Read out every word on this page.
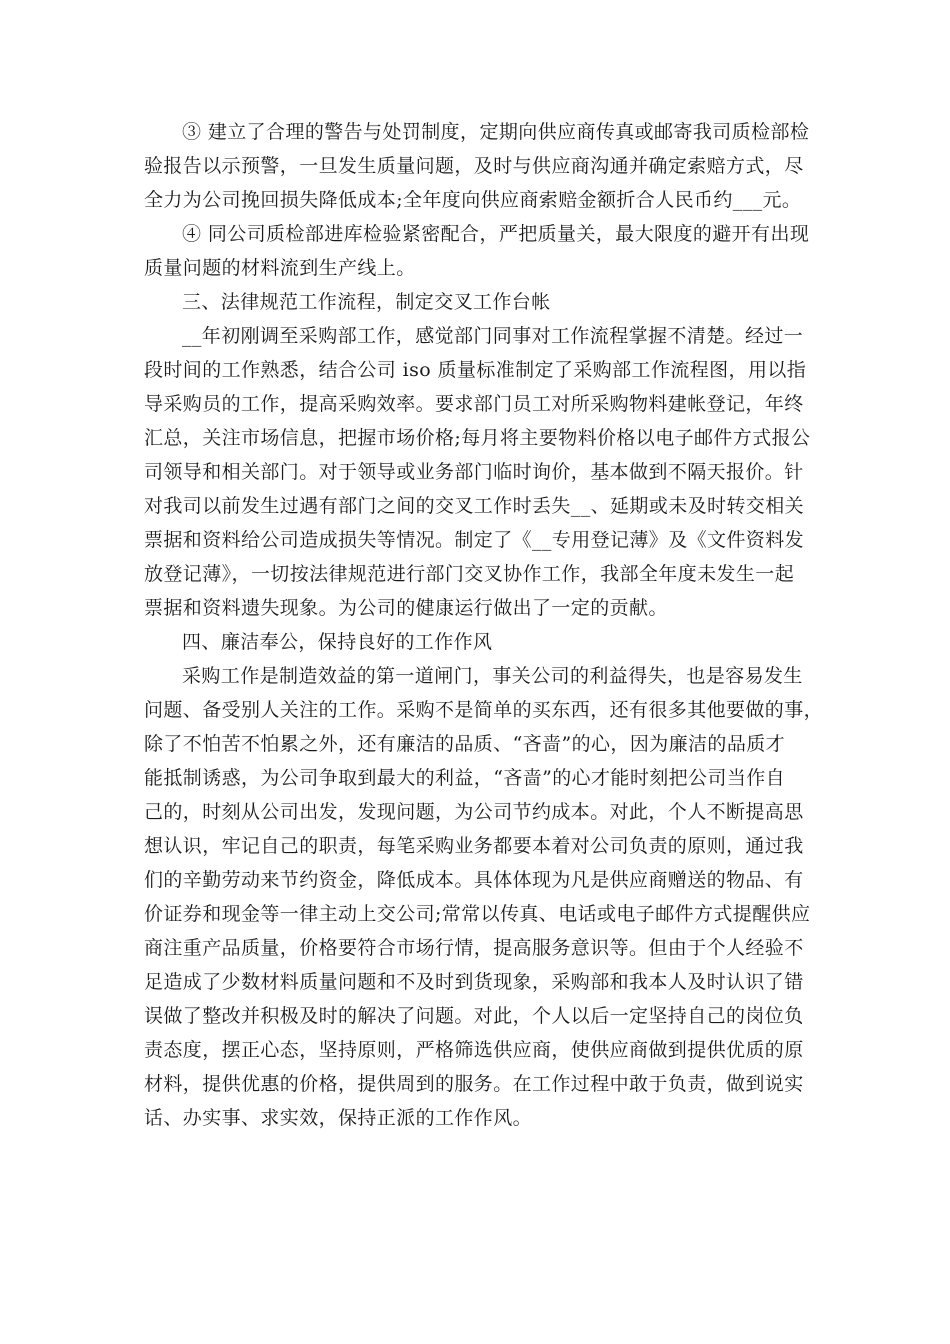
③ 建立了合理的警告与处罚制度，定期向供应商传真或邮寄我司质检部检
验报告以示预警，一旦发生质量问题，及时与供应商沟通并确定索赔方式，尽
全力为公司挽回损失降低成本;全年度向供应商索赔金额折合人民币约___元。
④ 同公司质检部进库检验紧密配合，严把质量关，最大限度的避开有出现
质量问题的材料流到生产线上。
三、法律规范工作流程，制定交叉工作台帐
__年初刚调至采购部工作，感觉部门同事对工作流程掌握不清楚。经过一
段时间的工作熟悉，结合公司 iso 质量标准制定了采购部工作流程图，用以指
导采购员的工作，提高采购效率。要求部门员工对所采购物料建帐登记，年终
汇总，关注市场信息，把握市场价格;每月将主要物料价格以电子邮件方式报公
司领导和相关部门。对于领导或业务部门临时询价，基本做到不隔天报价。针
对我司以前发生过遇有部门之间的交叉工作时丢失__、延期或未及时转交相关
票据和资料给公司造成损失等情况。制定了《__专用登记薄》及《文件资料发
放登记薄》，一切按法律规范进行部门交叉协作工作，我部全年度未发生一起
票据和资料遗失现象。为公司的健康运行做出了一定的贡献。
四、廉洁奉公，保持良好的工作作风
采购工作是制造效益的第一道闸门，事关公司的利益得失，也是容易发生
问题、备受别人关注的工作。采购不是简单的买东西，还有很多其他要做的事，
除了不怕苦不怕累之外，还有廉洁的品质、“吝啬”的心，因为廉洁的品质才
能抵制诱惑，为公司争取到最大的利益，“吝啬”的心才能时刻把公司当作自
己的，时刻从公司出发，发现问题，为公司节约成本。对此，个人不断提高思
想认识，牢记自己的职责，每笔采购业务都要本着对公司负责的原则，通过我
们的辛勤劳动来节约资金，降低成本。具体体现为凡是供应商赠送的物品、有
价证券和现金等一律主动上交公司;常常以传真、电话或电子邮件方式提醒供应
商注重产品质量，价格要符合市场行情，提高服务意识等。但由于个人经验不
足造成了少数材料质量问题和不及时到货现象，采购部和我本人及时认识了错
误做了整改并积极及时的解决了问题。对此，个人以后一定坚持自己的岗位负
责态度，摆正心态，坚持原则，严格筛选供应商，使供应商做到提供优质的原
材料，提供优惠的价格，提供周到的服务。在工作过程中敢于负责，做到说实
话、办实事、求实效，保持正派的工作作风。
